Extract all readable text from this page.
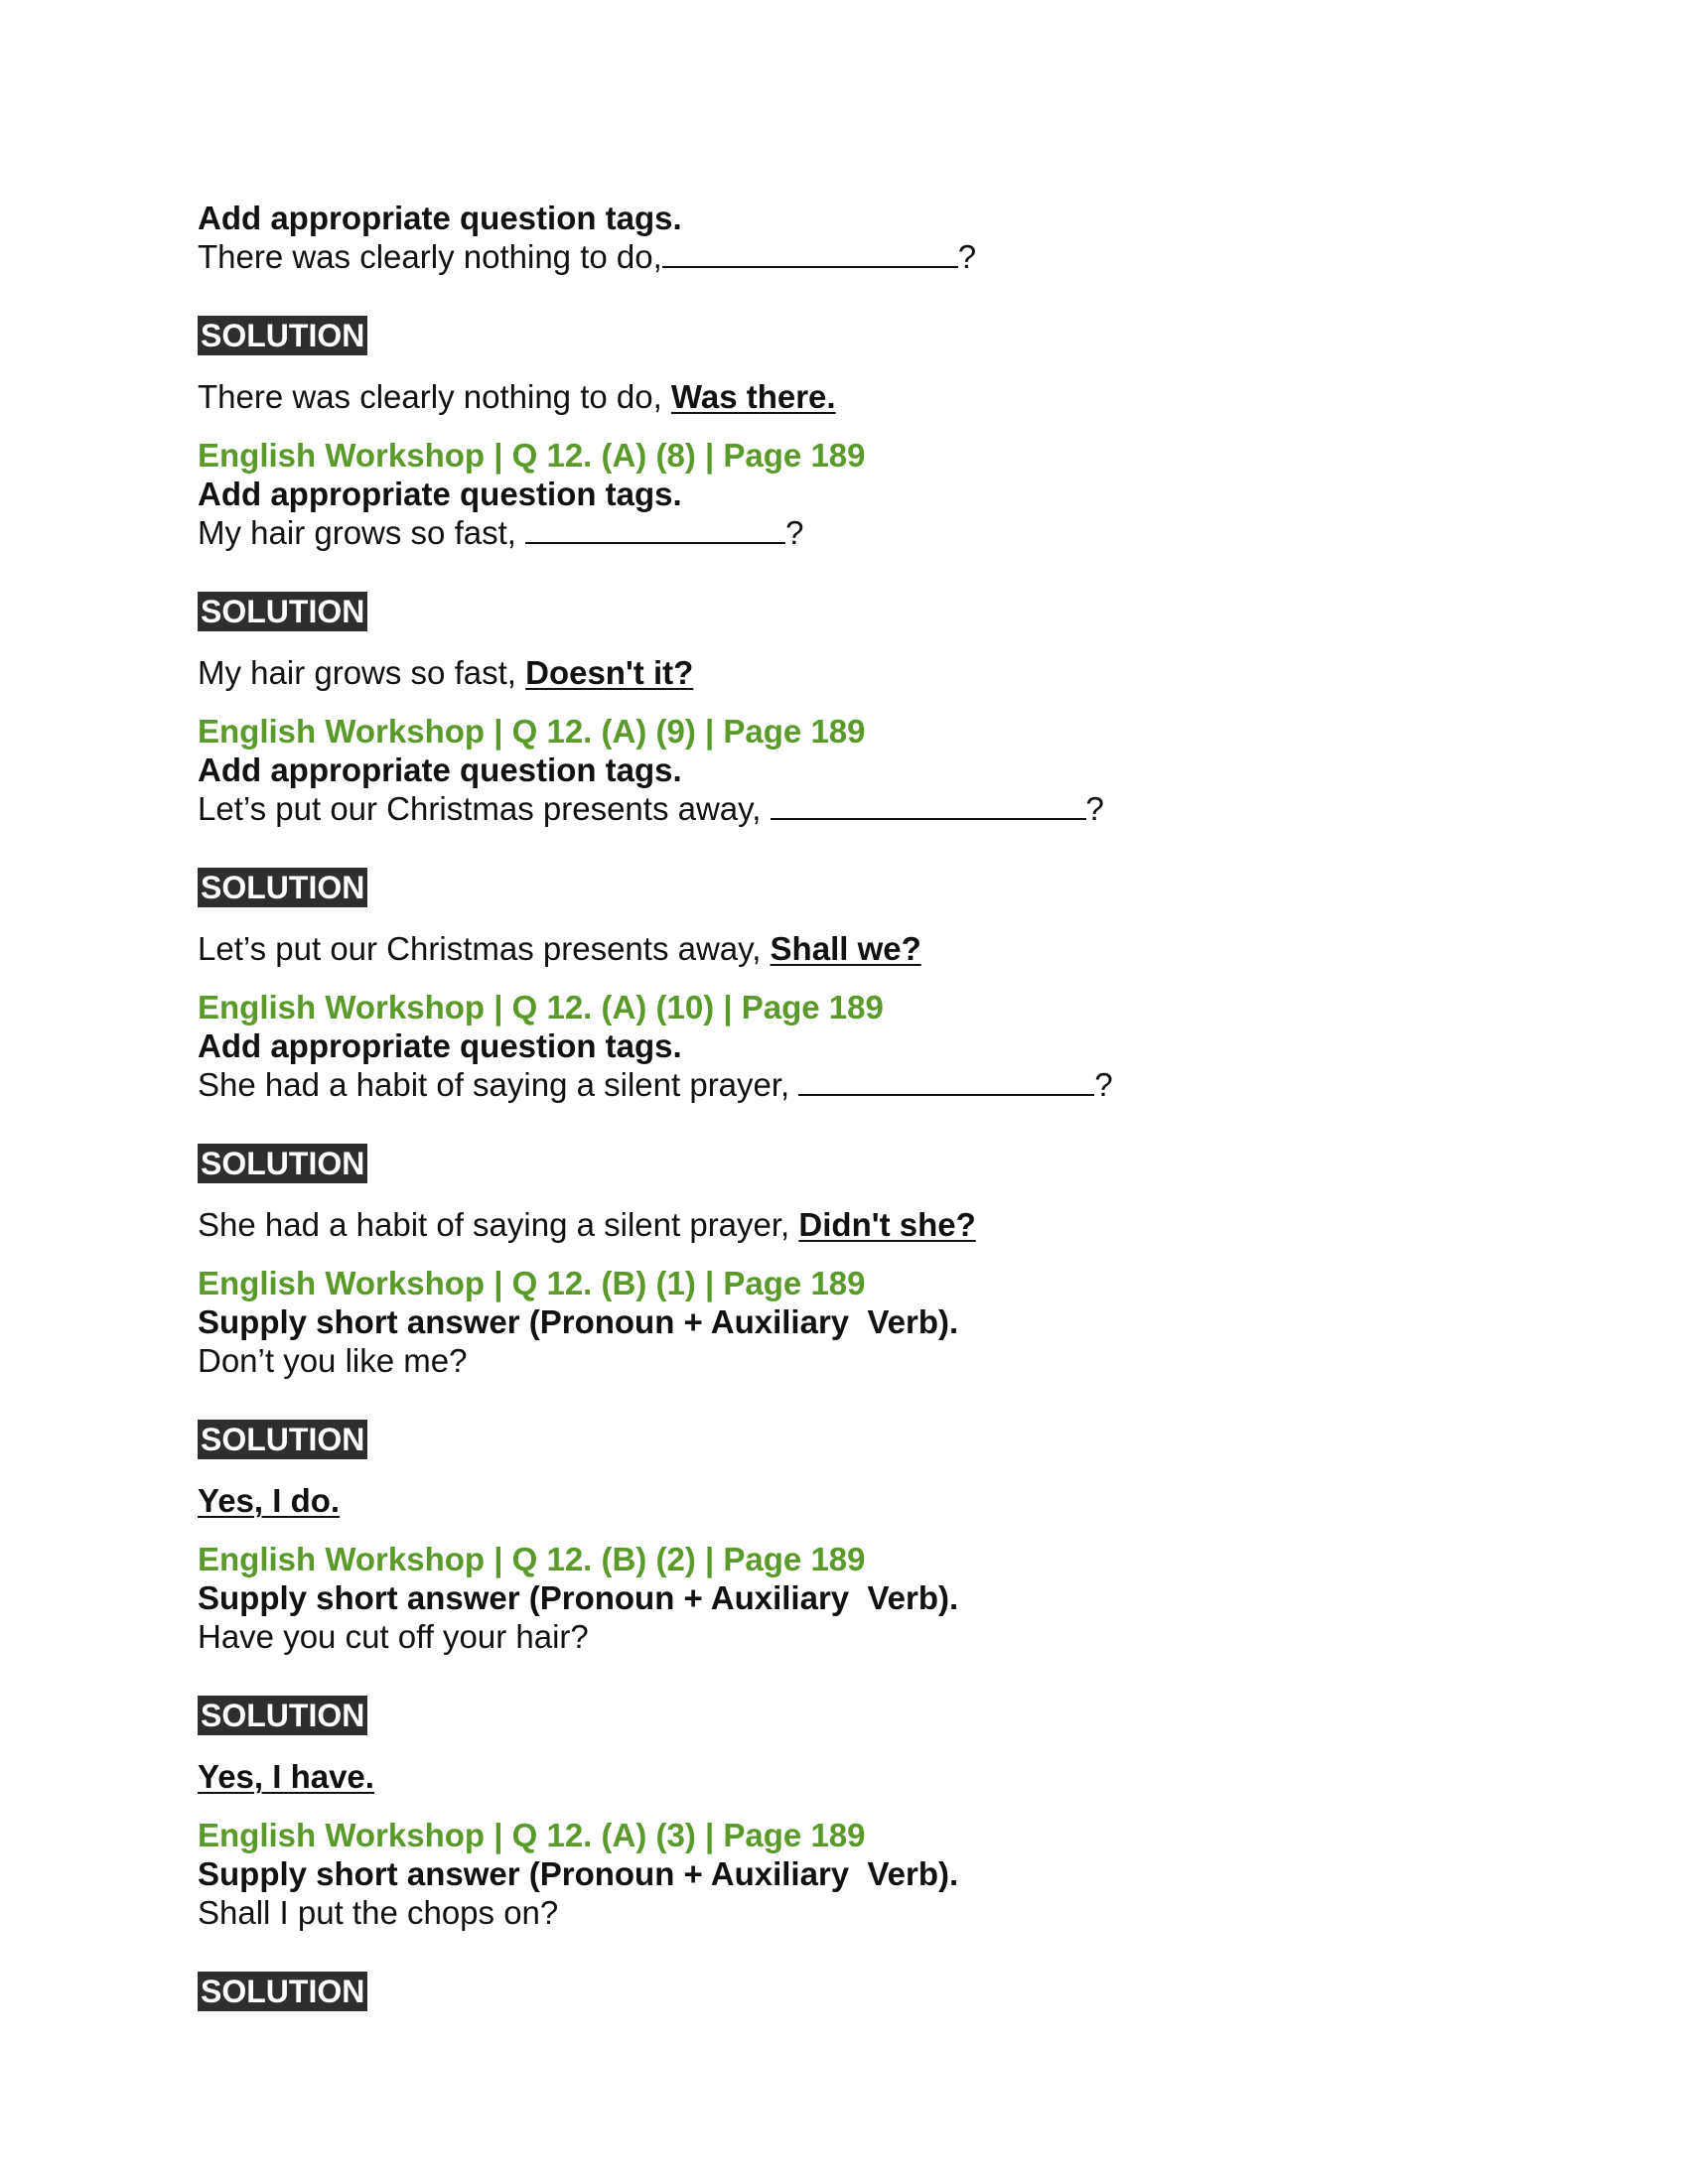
Add appropriate question tags.
There was clearly nothing to do,	?
SOLUTION
There was clearly nothing to do, Was there.
English Workshop | Q 12. (A) (8) | Page 189
Add appropriate question tags.
My hair grows so fast,	?
SOLUTION
My hair grows so fast, Doesn't it?
English Workshop | Q 12. (A) (9) | Page 189
Add appropriate question tags.
Let’s put our Christmas presents away,	?
SOLUTION
Let’s put our Christmas presents away, Shall we?
English Workshop | Q 12. (A) (10) | Page 189
Add appropriate question tags.
She had a habit of saying a silent prayer,	?
SOLUTION
She had a habit of saying a silent prayer, Didn't she?
English Workshop | Q 12. (B) (1) | Page 189
Supply short answer (Pronoun + Auxiliary  Verb).
Don’t you like me?
SOLUTION
Yes, I do.
English Workshop | Q 12. (B) (2) | Page 189
Supply short answer (Pronoun + Auxiliary  Verb).
Have you cut off your hair?
SOLUTION
Yes, I have.
English Workshop | Q 12. (A) (3) | Page 189
Supply short answer (Pronoun + Auxiliary  Verb).
Shall I put the chops on?
SOLUTION
